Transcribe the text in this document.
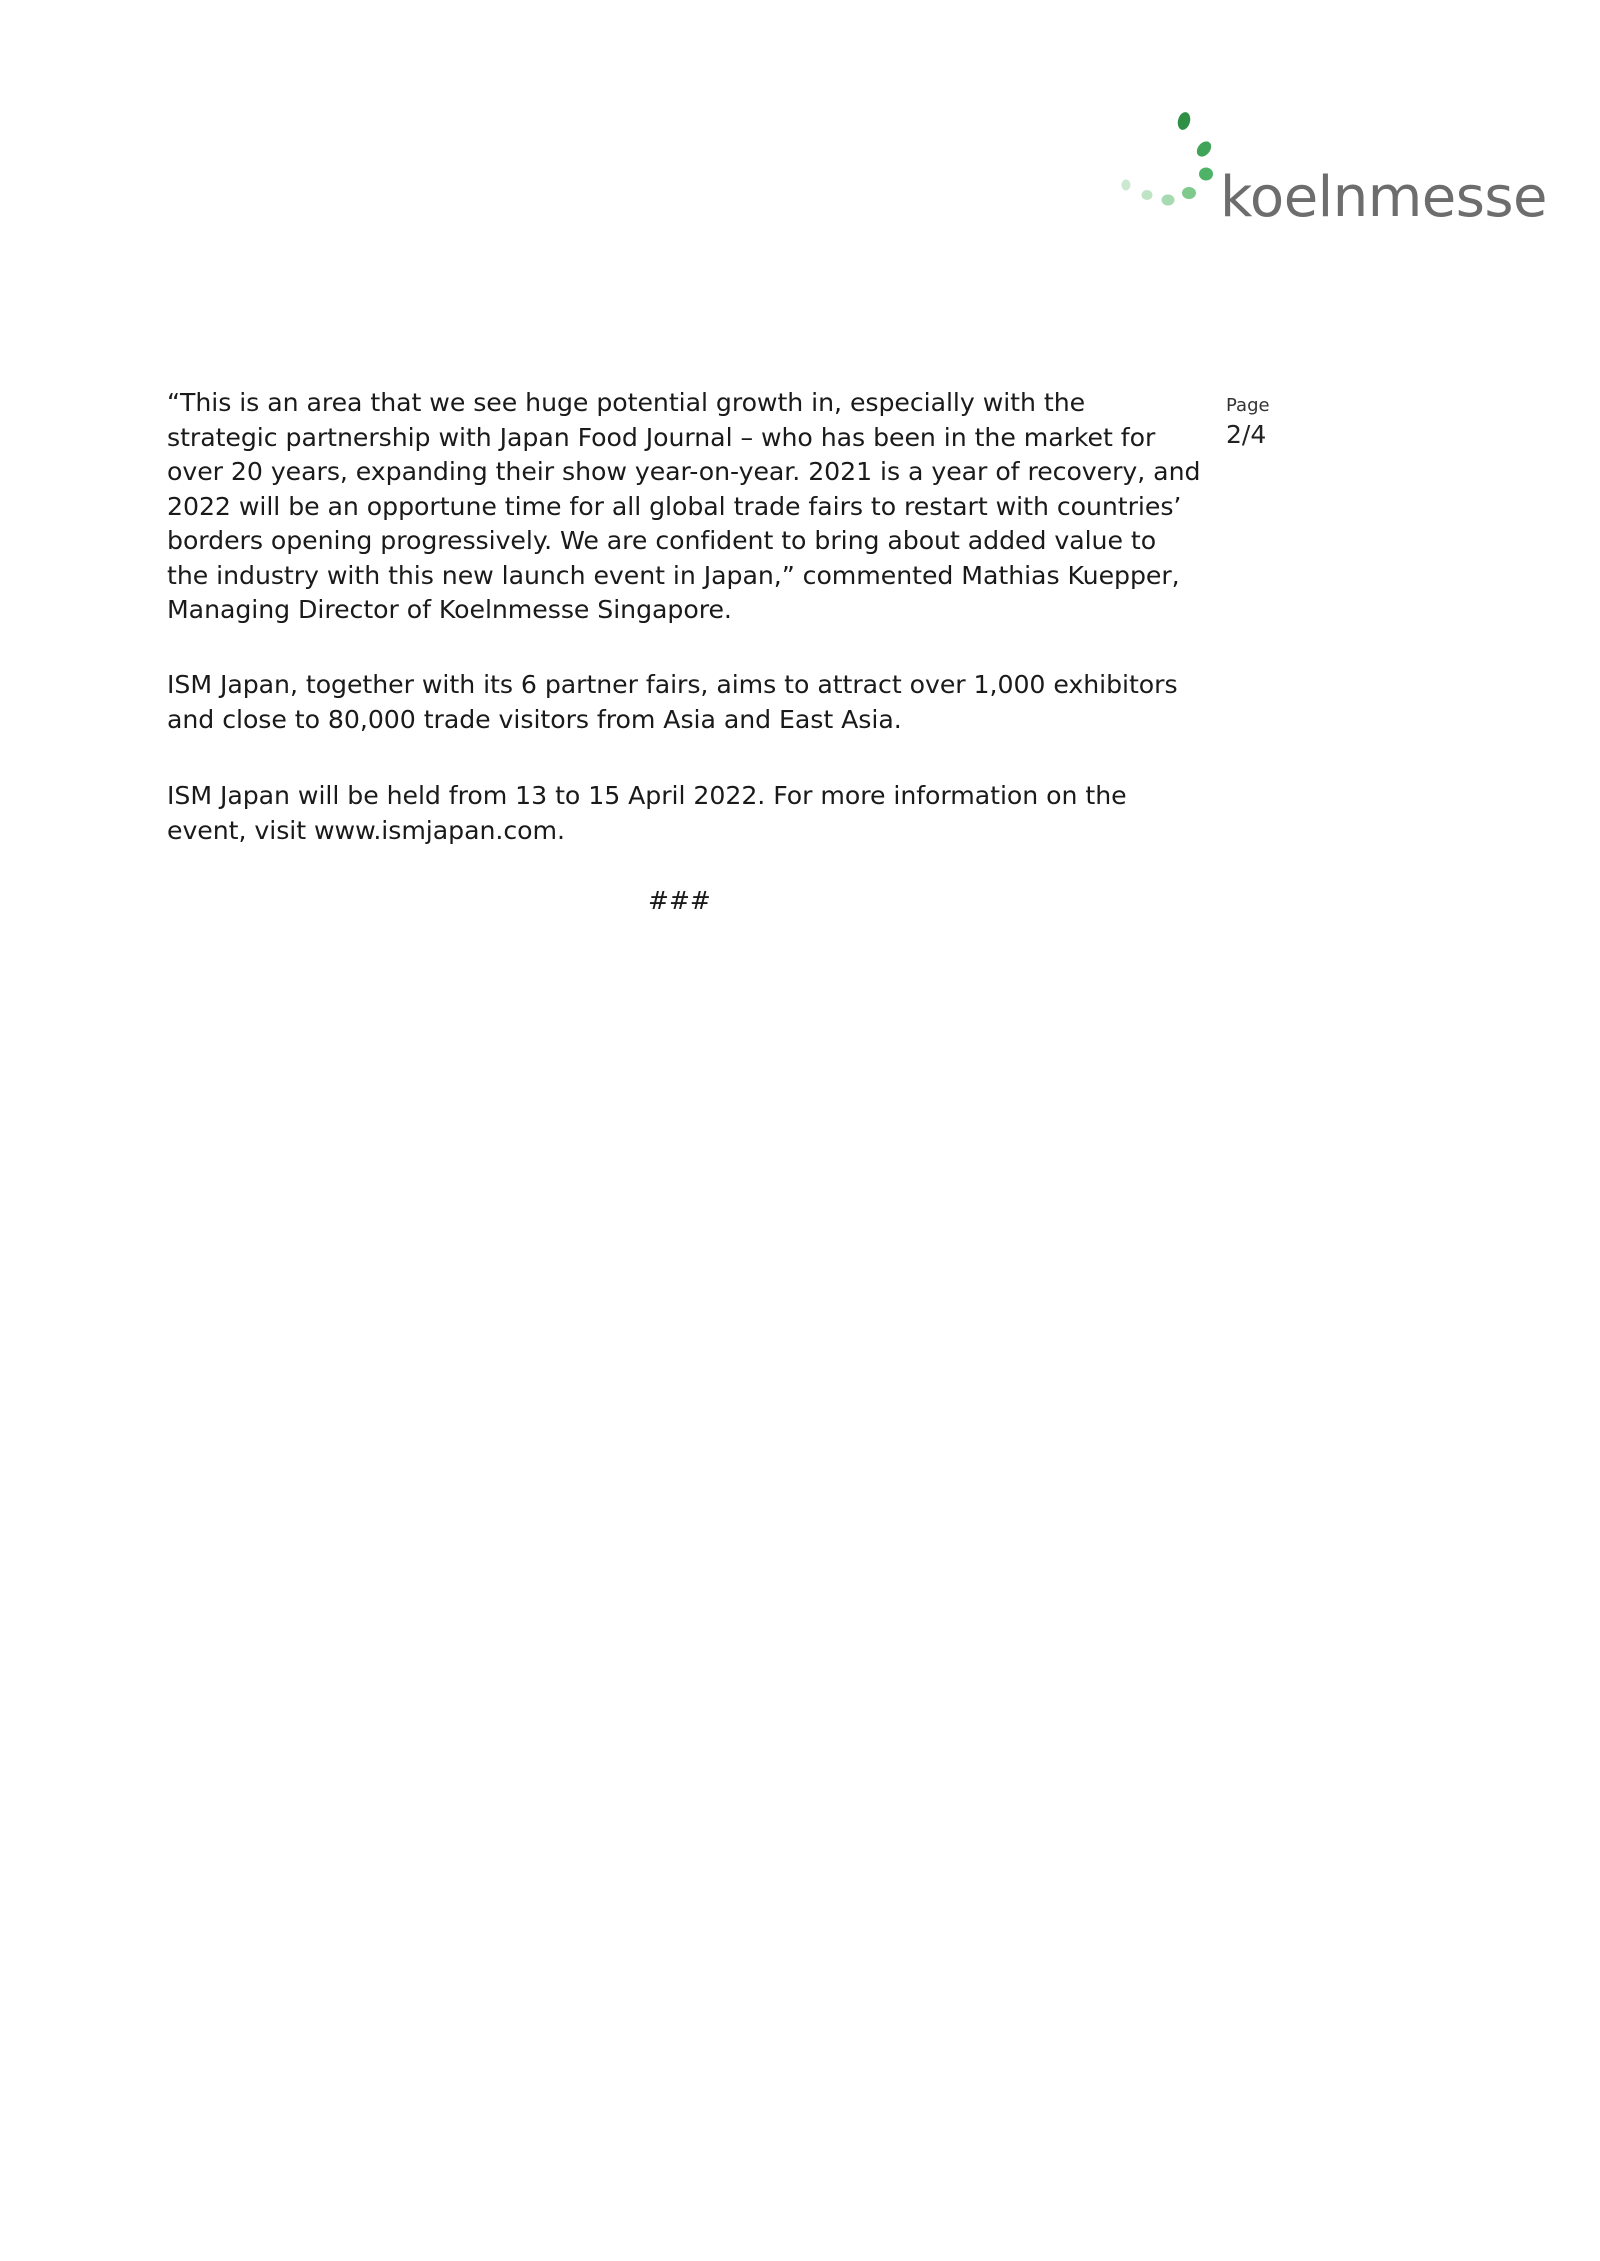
koelnmesse
Page
2/4

“This is an area that we see huge potential growth in, especially with the strategic partnership with Japan Food Journal – who has been in the market for over 20 years, expanding their show year-on-year. 2021 is a year of recovery, and 2022 will be an opportune time for all global trade fairs to restart with countries’ borders opening progressively. We are confident to bring about added value to the industry with this new launch event in Japan,” commented Mathias Kuepper, Managing Director of Koelnmesse Singapore.

ISM Japan, together with its 6 partner fairs, aims to attract over 1,000 exhibitors and close to 80,000 trade visitors from Asia and East Asia.

ISM Japan will be held from 13 to 15 April 2022. For more information on the event, visit www.ismjapan.com.

###
